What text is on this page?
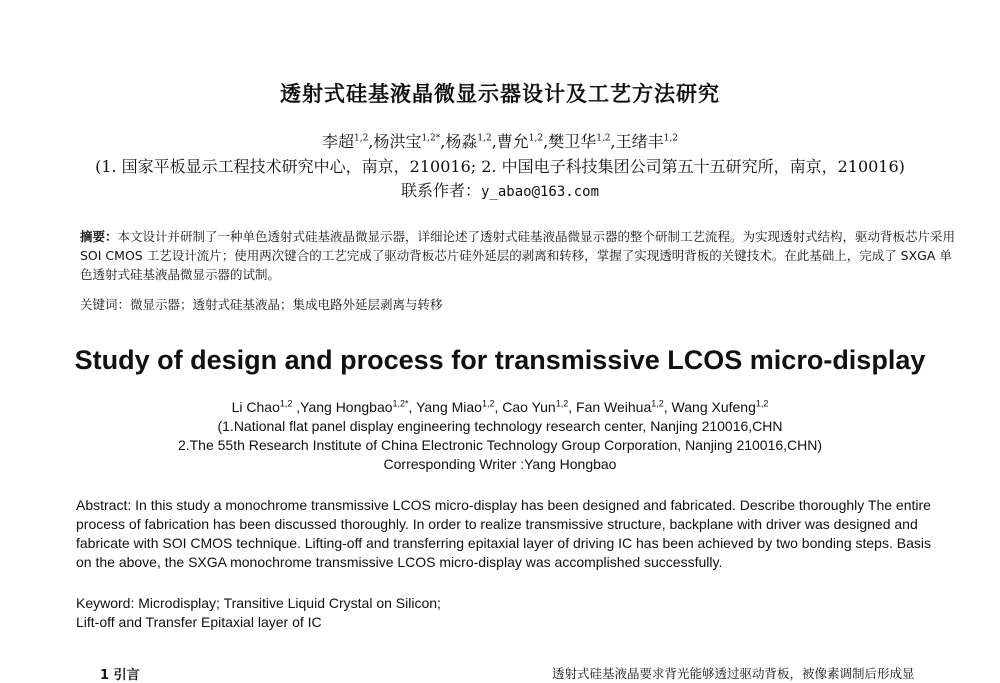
透射式硅基液晶微显示器设计及工艺方法研究
李超$^{1,2}$,杨洪宝$^{1,2*}$,杨淼$^{1,2}$,曹允$^{1,2}$,樊卫华$^{1,2}$,王绪丰$^{1,2}$
(1. 国家平板显示工程技术研究中心，南京，210016; 2. 中国电子科技集团公司第五十五研究所，南京，210016)
联系作者：y_abao@163.com
摘要：本文设计并研制了一种单色透射式硅基液晶微显示器，详细论述了透射式硅基液晶微显示器的整个研制工艺流程。为实现透射式结构，驱动背板芯片采用 SOI CMOS 工艺设计流片；使用两次键合的工艺完成了驱动背板芯片硅外延层的剥离和转移，掌握了实现透明背板的关键技术。在此基础上，完成了 SXGA 单色透射式硅基液晶微显示器的试制。
关键词：微显示器；透射式硅基液晶；集成电路外延层剥离与转移
Study of design and process for transmissive LCOS micro-display
Li Chao$^{1,2}$ ,Yang Hongbao$^{1,2*}$, Yang Miao$^{1,2}$, Cao Yun$^{1,2}$, Fan Weihua$^{1,2}$, Wang Xufeng$^{1,2}$
(1.National flat panel display engineering technology research center, Nanjing 210016,CHN
2.The 55th Research Institute of China Electronic Technology Group Corporation, Nanjing 210016,CHN)
Corresponding Writer :Yang Hongbao
Abstract: In this study a monochrome transmissive LCOS micro-display has been designed and fabricated. Describe thoroughly The entire process of fabrication has been discussed thoroughly. In order to realize transmissive structure, backplane with driver was designed and fabricate with SOI CMOS technique. Lifting-off and transferring epitaxial layer of driving IC has been achieved by two bonding steps. Basis on the above, the SXGA monochrome transmissive LCOS micro-display was accomplished successfully.
Keyword: Microdisplay; Transitive Liquid Crystal on Silicon;
Lift-off and Transfer Epitaxial layer of IC
1 引言	透射式硅基液晶要求背光能够透过驱动背板，被像素调制后形成显
